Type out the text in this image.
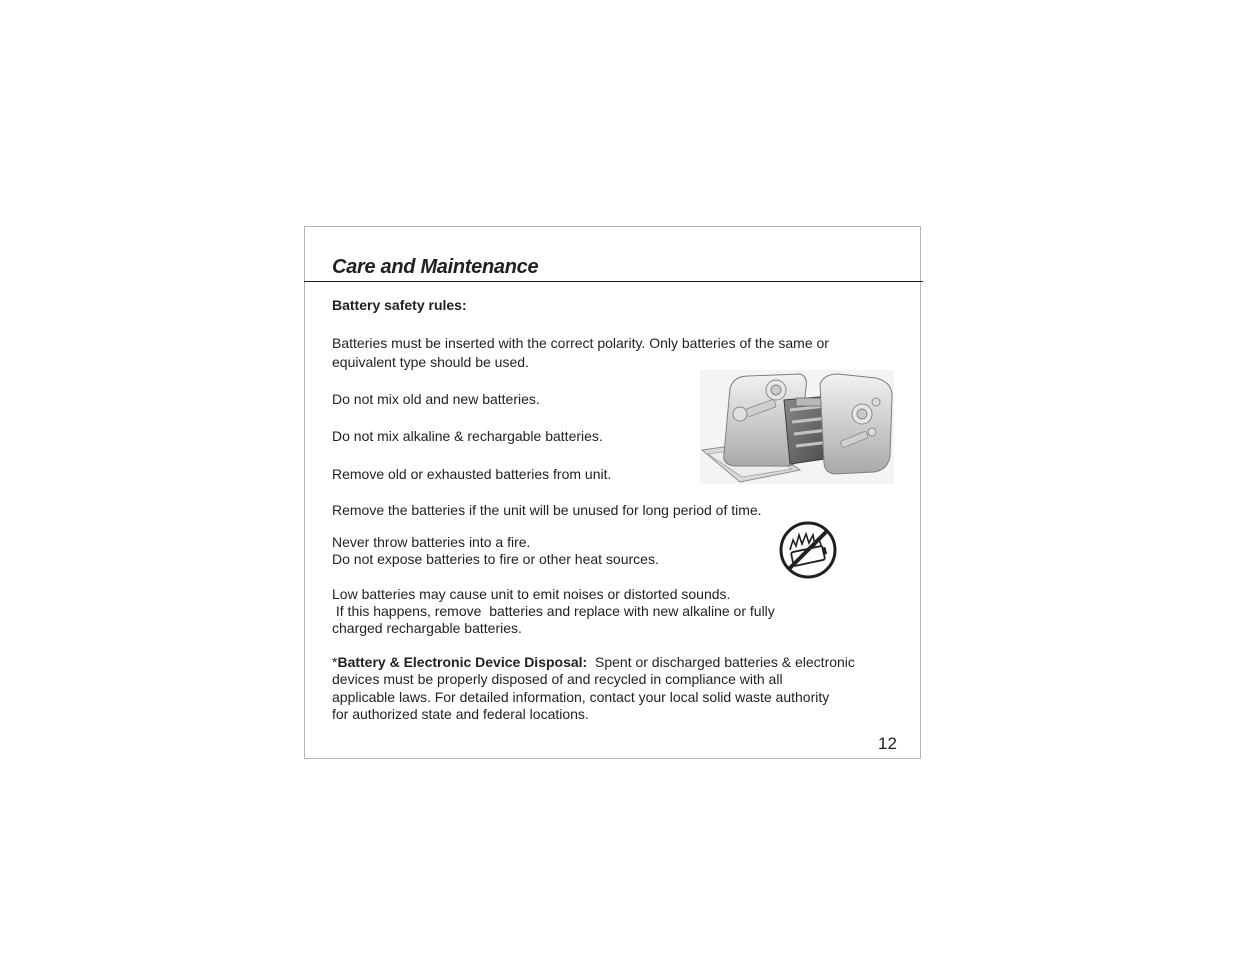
Care and Maintenance

Battery safety rules:

Batteries must be inserted with the correct polarity. Only batteries of the same or

equivalent type should be used.

Do not mix old and new batteries.

Do not mix alkaline & rechargable batteries.

Remove old or exhausted batteries from unit.

Remove the batteries if the unit will be unused for long period of time.

Never throw batteries into a fire.

Do not expose batteries to fire or other heat sources.

Low batteries may cause unit to emit noises or distorted sounds.

If this happens, remove  batteries and replace with new alkaline or fully

charged rechargable batteries.

*Battery & Electronic Device Disposal:  Spent or discharged batteries & electronic

devices must be properly disposed of and recycled in compliance with all

applicable laws. For detailed information, contact your local solid waste authority

for authorized state and federal locations.

12
